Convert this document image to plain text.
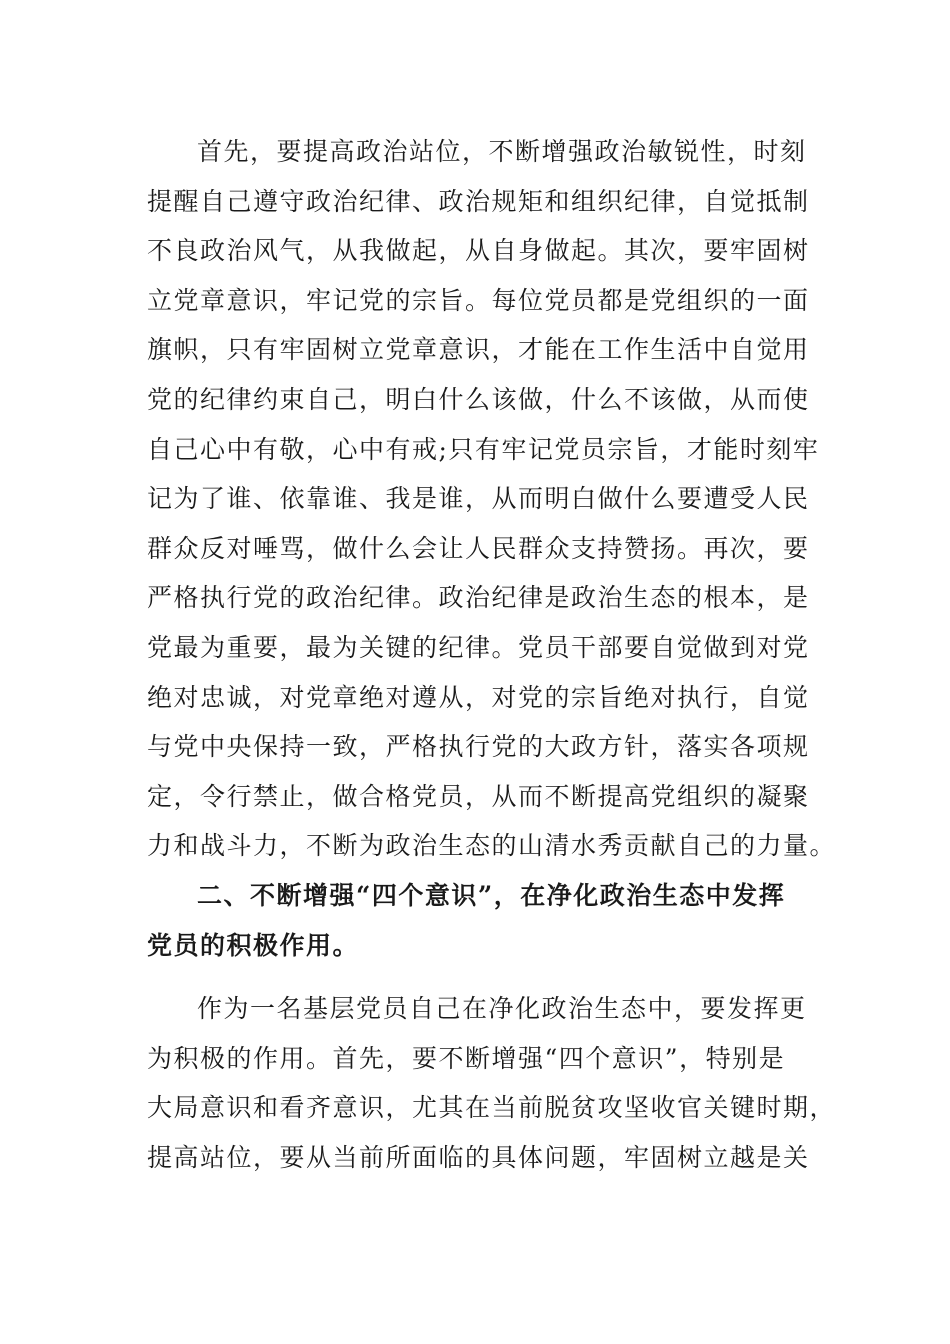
首先，要提高政治站位，不断增强政治敏锐性，时刻
提醒自己遵守政治纪律、政治规矩和组织纪律，自觉抵制
不良政治风气，从我做起，从自身做起。其次，要牢固树
立党章意识，牢记党的宗旨。每位党员都是党组织的一面
旗帜，只有牢固树立党章意识，才能在工作生活中自觉用
党的纪律约束自己，明白什么该做，什么不该做，从而使
自己心中有敬，心中有戒;只有牢记党员宗旨，才能时刻牢
记为了谁、依靠谁、我是谁，从而明白做什么要遭受人民
群众反对唾骂，做什么会让人民群众支持赞扬。再次，要
严格执行党的政治纪律。政治纪律是政治生态的根本，是
党最为重要，最为关键的纪律。党员干部要自觉做到对党
绝对忠诚，对党章绝对遵从，对党的宗旨绝对执行，自觉
与党中央保持一致，严格执行党的大政方针，落实各项规
定，令行禁止，做合格党员，从而不断提高党组织的凝聚
力和战斗力，不断为政治生态的山清水秀贡献自己的力量。
二、不断增强“四个意识”，在净化政治生态中发挥
党员的积极作用。
作为一名基层党员自己在净化政治生态中，要发挥更
为积极的作用。首先，要不断增强“四个意识”，特别是
大局意识和看齐意识，尤其在当前脱贫攻坚收官关键时期，
提高站位，要从当前所面临的具体问题，牢固树立越是关
